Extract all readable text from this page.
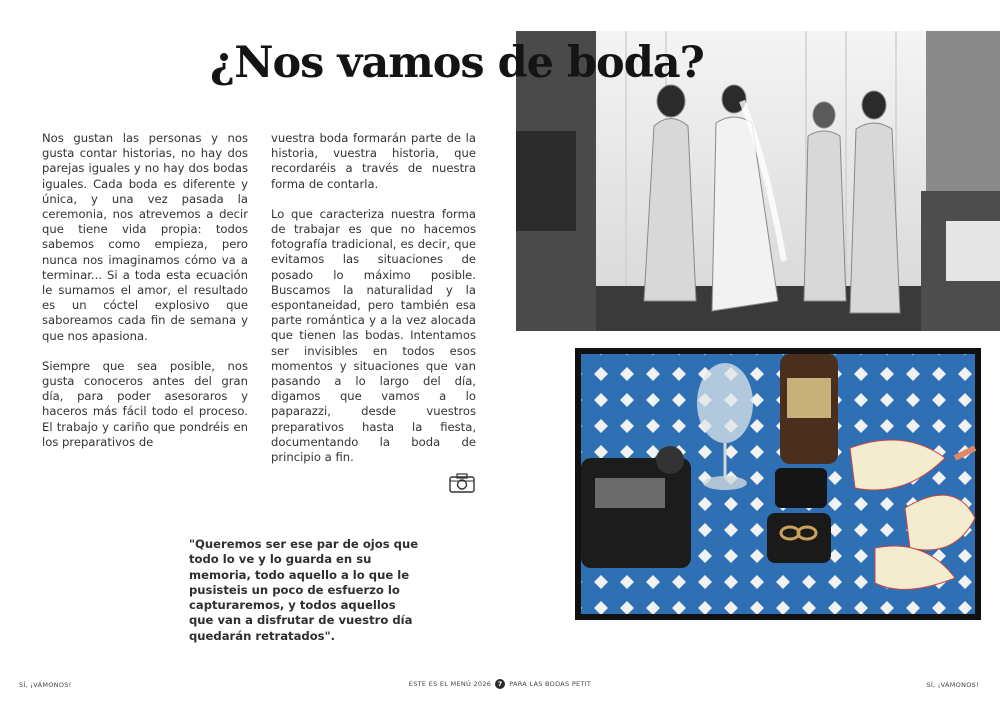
¿Nos vamos de boda?

Nos gustan las personas y nos gusta contar historias, no hay dos parejas iguales y no hay dos bodas iguales. Cada boda es diferente y única, y una vez pasada la ceremonia, nos atrevemos a decir que tiene vida propia: todos sabemos como empieza, pero nunca nos imaginamos cómo va a terminar... Si a toda esta ecuación le sumamos el amor, el resultado es un cóctel explosivo que saboreamos cada fin de semana y que nos apasiona.

Siempre que sea posible, nos gusta conoceros antes del gran día, para poder asesoraros y haceros más fácil todo el proceso. El trabajo y cariño que pondréis en los preparativos de

vuestra boda formarán parte de la historia, vuestra historia, que recordaréis a través de nuestra forma de contarla.

Lo que caracteriza nuestra forma de trabajar es que no hacemos fotografía tradicional, es decir, que evitamos las situaciones de posado lo máximo posible. Buscamos la naturalidad y la espontaneidad, pero también esa parte romántica y a la vez alocada que tienen las bodas. Intentamos ser invisibles en todos esos momentos y situaciones que van pasando a lo largo del día, digamos que vamos a lo paparazzi, desde vuestros preparativos hasta la fiesta, documentando la boda de principio a fin.

"Queremos ser ese par de ojos que todo lo ve y lo guarda en su memoria, todo aquello a lo que le pusisteis un poco de esfuerzo lo capturaremos, y todos aquellos que van a disfrutar de vuestro día quedarán retratados".

SÍ, ¡VÁMONOS!	ESTE ES EL MENÚ 2026	7	PARA LAS BODAS PETIT	SÍ, ¡VÁMONOS!
